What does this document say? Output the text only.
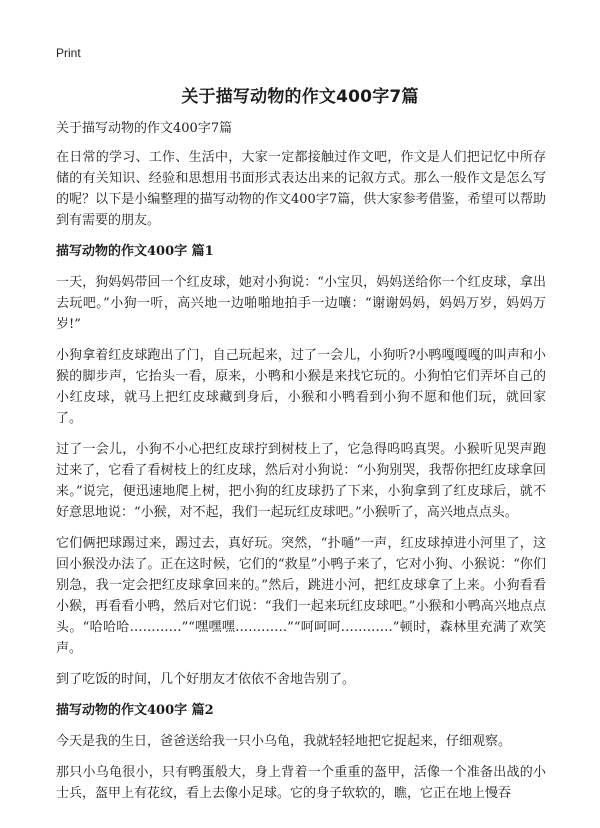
Print
关于描写动物的作文400字7篇
关于描写动物的作文400字7篇

在日常的学习、工作、生活中，大家一定都接触过作文吧，作文是人们把记忆中所存储的有关知识、经验和思想用书面形式表达出来的记叙方式。那么一般作文是怎么写的呢？以下是小编整理的描写动物的作文400字7篇，供大家参考借鉴，希望可以帮助到有需要的朋友。

描写动物的作文400字 篇1

一天，狗妈妈带回一个红皮球，她对小狗说：“小宝贝，妈妈送给你一个红皮球，拿出去玩吧。”小狗一听，高兴地一边啪啪地拍手一边嚷：“谢谢妈妈，妈妈万岁，妈妈万岁!”

小狗拿着红皮球跑出了门，自己玩起来，过了一会儿，小狗听?小鸭嘎嘎嘎的叫声和小猴的脚步声，它抬头一看，原来，小鸭和小猴是来找它玩的。小狗怕它们弄坏自己的小红皮球，就马上把红皮球藏到身后，小猴和小鸭看到小狗不愿和他们玩，就回家了。

过了一会儿，小狗不小心把红皮球拧到树枝上了，它急得呜呜真哭。小猴听见哭声跑过来了，它看了看树枝上的红皮球，然后对小狗说：“小狗别哭，我帮你把红皮球拿回来。”说完，便迅速地爬上树，把小狗的红皮球扔了下来，小狗拿到了红皮球后，就不好意思地说：“小猴，对不起，我们一起玩红皮球吧。”小猴听了，高兴地点点头。

它们俩把球踢过来，踢过去，真好玩。突然，“扑嗵”一声，红皮球掉进小河里了，这回小猴没办法了。正在这时候，它们的“救星”小鸭子来了，它对小狗、小猴说：“你们别急，我一定会把红皮球拿回来的。”然后，跳进小河，把红皮球拿了上来。小狗看看小猴，再看看小鸭，然后对它们说：“我们一起来玩红皮球吧。”小猴和小鸭高兴地点点头。“哈哈哈…………”“嘿嘿嘿…………”“呵呵呵…………”顿时，森林里充满了欢笑声。

到了吃饭的时间，几个好朋友才依依不舍地告别了。

描写动物的作文400字 篇2

今天是我的生日，爸爸送给我一只小乌龟，我就轻轻地把它捉起来，仔细观察。

那只小乌龟很小，只有鸭蛋般大，身上背着一个重重的盔甲，活像一个准备出战的小士兵，盔甲上有花纹，看上去像小足球。它的身子软软的，瞧，它正在地上慢吞
